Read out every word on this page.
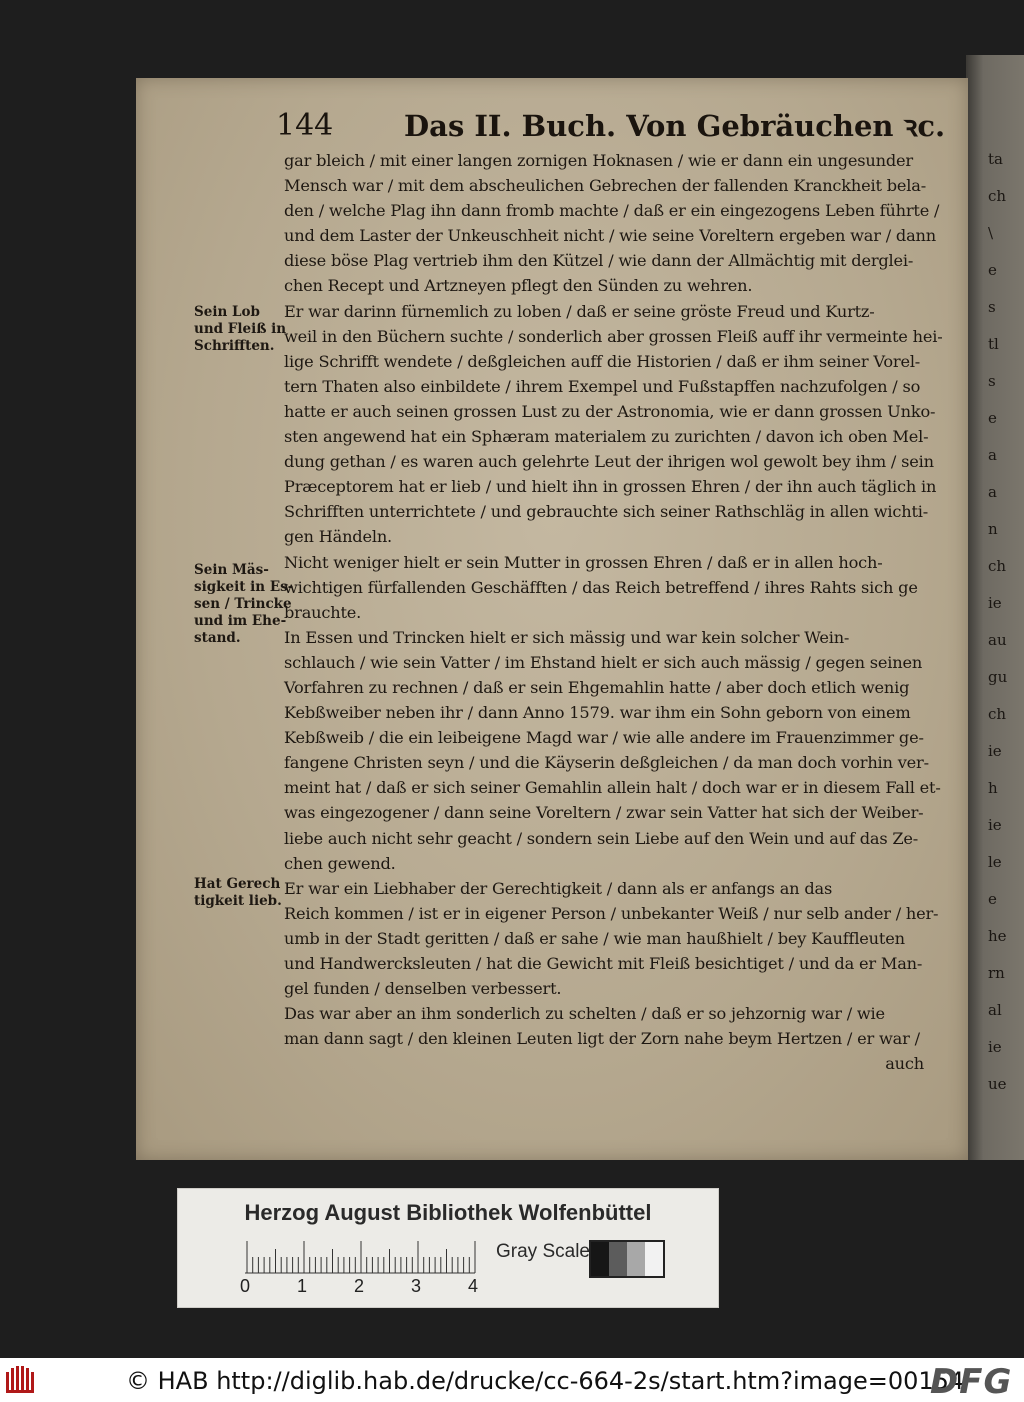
ta
ch
\
e
s
tl
s
e
a
a
n
ch
ie
au
gu
ch
ie
h
ie
le
e
he
rn
al
ie
ue
144 Das II. Buch. Von Gebräuchen ꝛc.
Sein Lob
und Fleiß in
Schrifften.
Sein Mäs-
sigkeit in Es-
sen / Trincke
und im Ehe-
stand.
Hat Gerech
tigkeit lieb.
gar bleich / mit einer langen zornigen Hoknasen / wie er dann ein ungesunder
Mensch war / mit dem abscheulichen Gebrechen der fallenden Kranckheit bela-
den / welche Plag ihn dann fromb machte / daß er ein eingezogens Leben führte /
und dem Laster der Unkeuschheit nicht / wie seine Voreltern ergeben war / dann
diese böse Plag vertrieb ihm den Kützel / wie dann der Allmächtig mit derglei-
chen Recept und Artzneyen pflegt den Sünden zu wehren.
Er war darinn fürnemlich zu loben / daß er seine gröste Freud und Kurtz-
weil in den Büchern suchte / sonderlich aber grossen Fleiß auff ihr vermeinte hei-
lige Schrifft wendete / deßgleichen auff die Historien / daß er ihm seiner Vorel-
tern Thaten also einbildete / ihrem Exempel und Fußstapffen nachzufolgen / so
hatte er auch seinen grossen Lust zu der Astronomia, wie er dann grossen Unko-
sten angewend hat ein Sphæram materialem zu zurichten / davon ich oben Mel-
dung gethan / es waren auch gelehrte Leut der ihrigen wol gewolt bey ihm / sein
Præceptorem hat er lieb / und hielt ihn in grossen Ehren / der ihn auch täglich in
Schrifften unterrichtete / und gebrauchte sich seiner Rathschläg in allen wichti-
gen Händeln.
Nicht weniger hielt er sein Mutter in grossen Ehren / daß er in allen hoch-
wichtigen fürfallenden Geschäfften / das Reich betreffend / ihres Rahts sich ge
brauchte.
In Essen und Trincken hielt er sich mässig und war kein solcher Wein-
schlauch / wie sein Vatter / im Ehstand hielt er sich auch mässig / gegen seinen
Vorfahren zu rechnen / daß er sein Ehgemahlin hatte / aber doch etlich wenig
Kebßweiber neben ihr / dann Anno 1579. war ihm ein Sohn geborn von einem
Kebßweib / die ein leibeigene Magd war / wie alle andere im Frauenzimmer ge-
fangene Christen seyn / und die Käyserin deßgleichen / da man doch vorhin ver-
meint hat / daß er sich seiner Gemahlin allein halt / doch war er in diesem Fall et-
was eingezogener / dann seine Voreltern / zwar sein Vatter hat sich der Weiber-
liebe auch nicht sehr geacht / sondern sein Liebe auf den Wein und auf das Ze-
chen gewend.
Er war ein Liebhaber der Gerechtigkeit / dann als er anfangs an das
Reich kommen / ist er in eigener Person / unbekanter Weiß / nur selb ander / her-
umb in der Stadt geritten / daß er sahe / wie man haußhielt / bey Kauffleuten
und Handwercksleuten / hat die Gewicht mit Fleiß besichtiget / und da er Man-
gel funden / denselben verbessert.
Das war aber an ihm sonderlich zu schelten / daß er so jehzornig war / wie
man dann sagt / den kleinen Leuten ligt der Zorn nahe beym Hertzen / er war /
auch
Herzog August Bibliothek Wolfenbüttel
0	1	2	3	4
Gray Scale
© HAB http://diglib.hab.de/drucke/cc-664-2s/start.htm?image=00154
DFG
